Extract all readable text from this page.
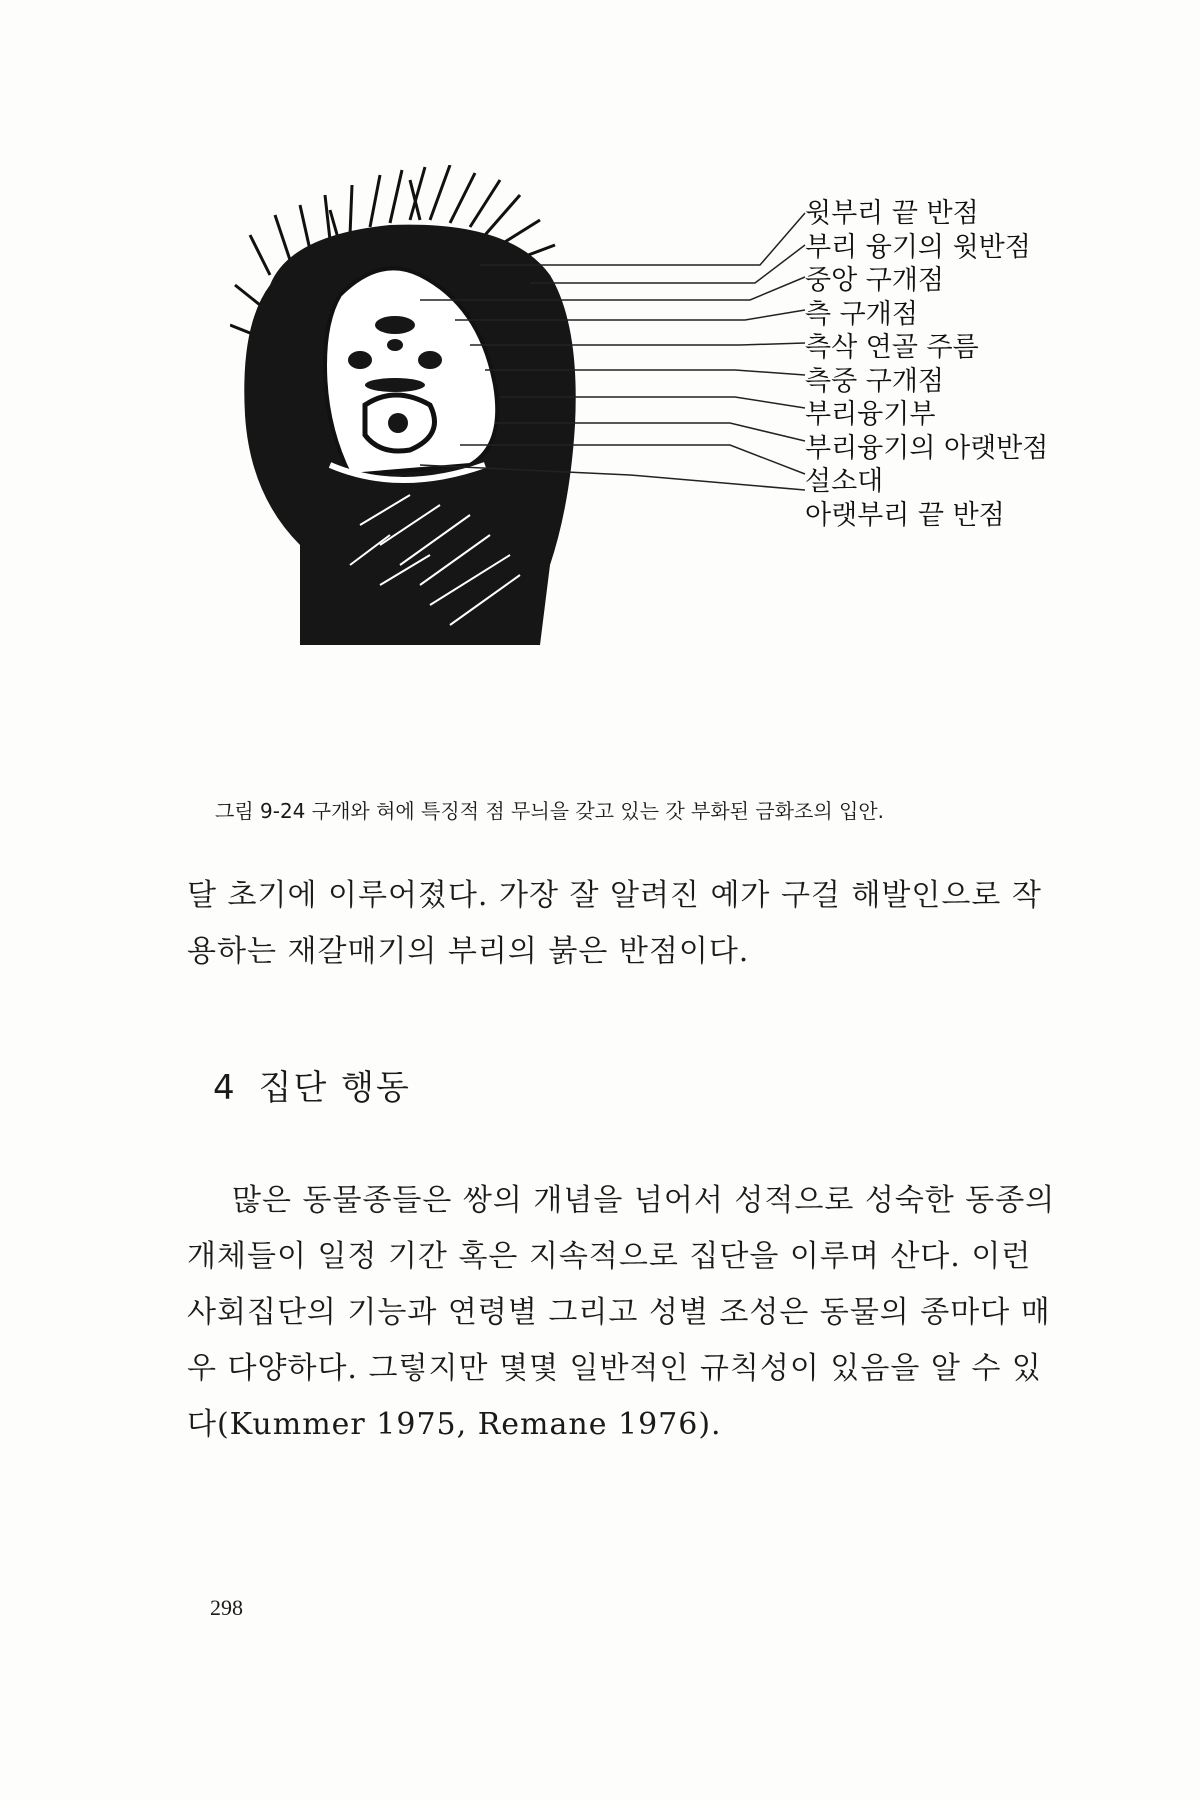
윗부리 끝 반점
부리 융기의 윗반점
중앙 구개점
측 구개점
측삭 연골 주름
측중 구개점
부리융기부
부리융기의 아랫반점
설소대
아랫부리 끝 반점
그림 9-24 구개와 혀에 특징적 점 무늬을 갖고 있는 갓 부화된 금화조의 입안.

달 초기에 이루어졌다. 가장 잘 알려진 예가 구걸 해발인으로 작용하는 재갈매기의 부리의 붉은 반점이다.

4 집단 행동

많은 동물종들은 쌍의 개념을 넘어서 성적으로 성숙한 동종의 개체들이 일정 기간 혹은 지속적으로 집단을 이루며 산다. 이런 사회집단의 기능과 연령별 그리고 성별 조성은 동물의 종마다 매우 다양하다. 그렇지만 몇몇 일반적인 규칙성이 있음을 알 수 있다(Kummer 1975, Remane 1976).

298
